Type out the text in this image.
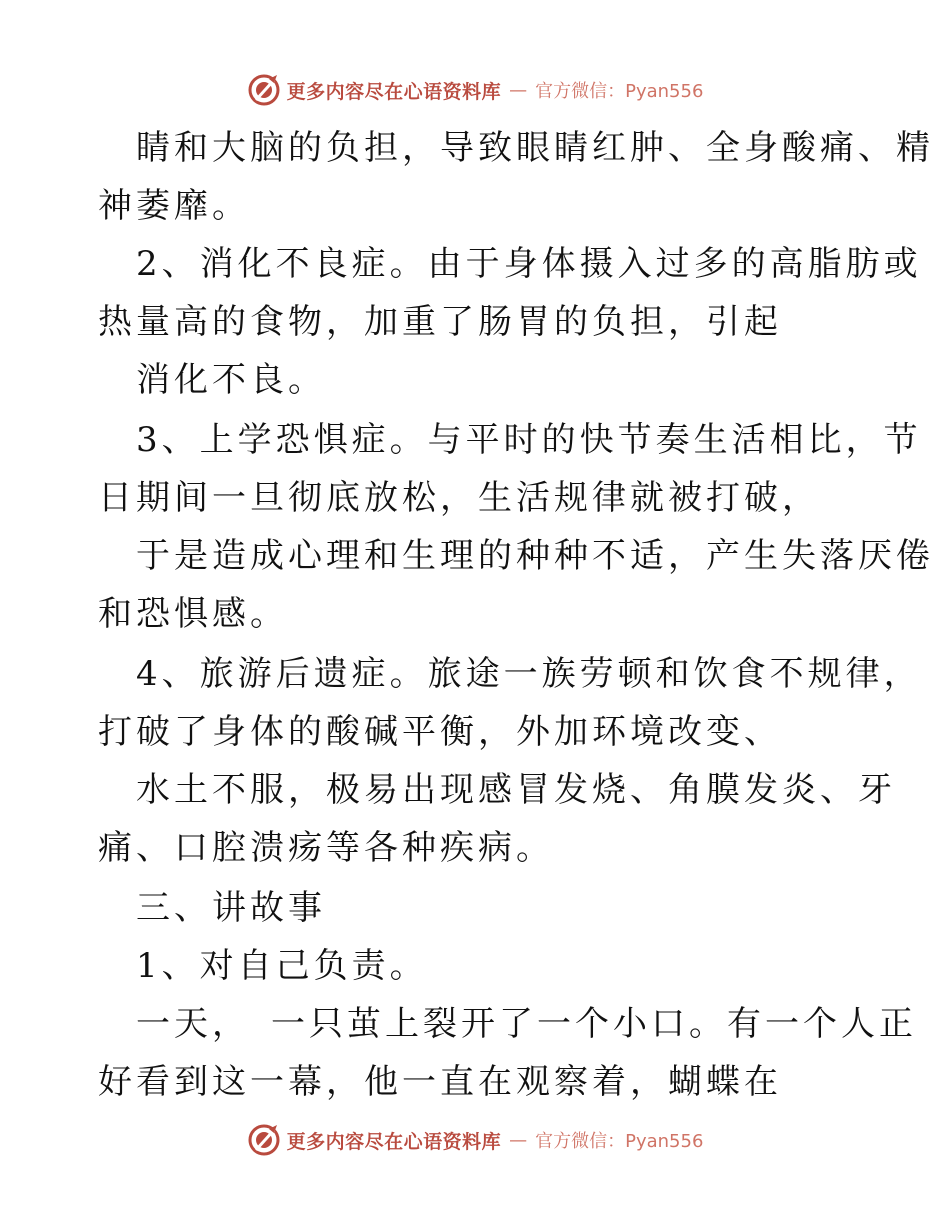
更多内容尽在心语资料库 — 官方微信：Pyan556
睛和大脑的负担，导致眼睛红肿、全身酸痛、精
神萎靡。
2、消化不良症。由于身体摄入过多的高脂肪或
热量高的食物，加重了肠胃的负担，引起
消化不良。
3、上学恐惧症。与平时的快节奏生活相比，节
日期间一旦彻底放松，生活规律就被打破，
于是造成心理和生理的种种不适，产生失落厌倦
和恐惧感。
4、旅游后遗症。旅途一族劳顿和饮食不规律，
打破了身体的酸碱平衡，外加环境改变、
水土不服，极易出现感冒发烧、角膜发炎、牙
痛、口腔溃疡等各种疾病。
三、讲故事
1、对自己负责。
一天，　一只茧上裂开了一个小口。有一个人正
好看到这一幕，他一直在观察着，蝴蝶在
更多内容尽在心语资料库 — 官方微信：Pyan556
